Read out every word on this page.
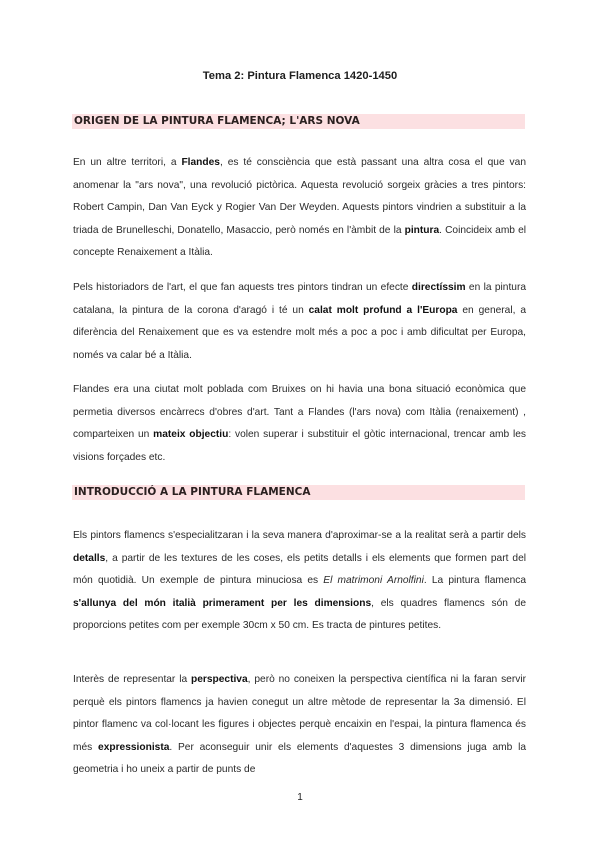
Tema 2: Pintura Flamenca 1420-1450
ORIGEN DE LA PINTURA FLAMENCA; L'ARS NOVA

En un altre territori, a Flandes, es té consciència que està passant una altra cosa el que van anomenar la "ars nova", una revolució pictòrica. Aquesta revolució sorgeix gràcies a tres pintors: Robert Campin, Dan Van Eyck y Rogier Van Der Weyden. Aquests pintors vindrien a substituir a la triada de Brunelleschi, Donatello, Masaccio, però només en l'àmbit de la pintura. Coincideix amb el concepte Renaixement a Itàlia.

Pels historiadors de l'art, el que fan aquests tres pintors tindran un efecte directíssim en la pintura catalana, la pintura de la corona d'aragó i té un calat molt profund a l'Europa en general, a diferència del Renaixement que es va estendre molt més a poc a poc i amb dificultat per Europa, només va calar bé a Itàlia.

Flandes era una ciutat molt poblada com Bruixes on hi havia una bona situació econòmica que permetia diversos encàrrecs d'obres d'art. Tant a Flandes (l'ars nova) com Itàlia (renaixement) , comparteixen un mateix objectiu: volen superar i substituir el gòtic internacional, trencar amb les visions forçades etc.

INTRODUCCIÓ A LA PINTURA FLAMENCA

Els pintors flamencs s'especialitzaran i la seva manera d'aproximar-se a la realitat serà a partir dels detalls, a partir de les textures de les coses, els petits detalls i els elements que formen part del món quotidià. Un exemple de pintura minuciosa es El matrimoni Arnolfini. La pintura flamenca s'allunya del món italià primerament per les dimensions, els quadres flamencs són de proporcions petites com per exemple 30cm x 50 cm. Es tracta de pintures petites.

Interès de representar la perspectiva, però no coneixen la perspectiva científica ni la faran servir perquè els pintors flamencs ja havien conegut un altre mètode de representar la 3a dimensió. El pintor flamenc va col·locant les figures i objectes perquè encaixin en l'espai, la pintura flamenca és més expressionista. Per aconseguir unir els elements d'aquestes 3 dimensions juga amb la geometria i ho uneix a partir de punts de

1
